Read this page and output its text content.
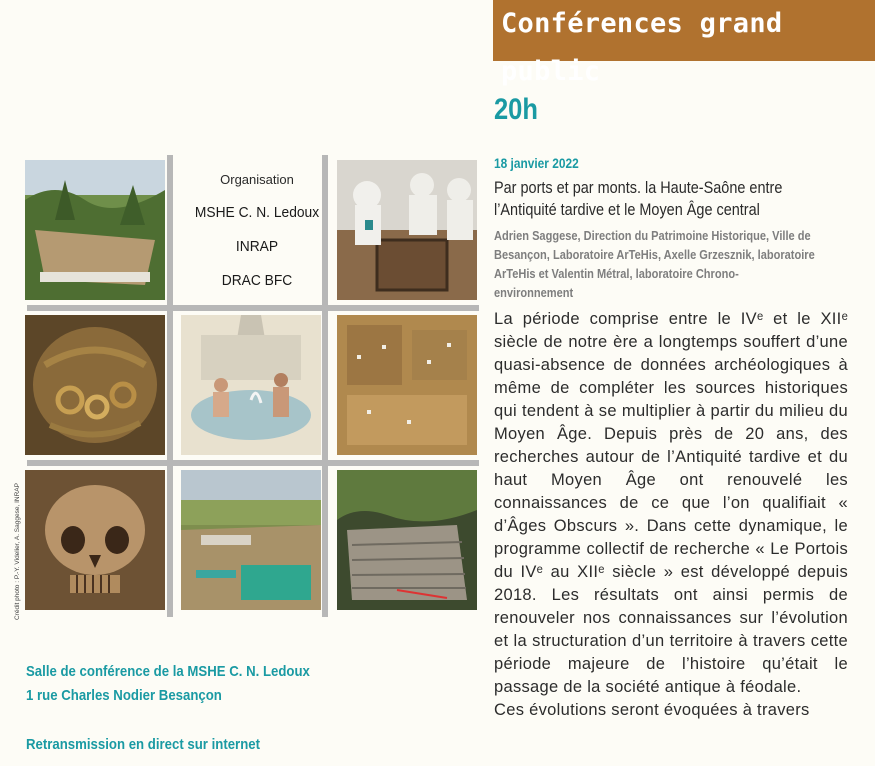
Conférences grand public
20h
18 janvier 2022
Par ports et par monts. la Haute-Saône entre
l’Antiquité tardive et le Moyen Âge central
Adrien Saggese, Direction du Patrimoine Historique, Ville de
Besançon, Laboratoire ArTeHis, Axelle Grzesznik, laboratoire
ArTeHis et Valentin Métral, laboratoire Chrono-environnement

La période comprise entre le IVᵉ et le XIIᵉ siècle de notre ère a longtemps souffert d’une quasi-absence de données archéologiques à même de compléter les sources historiques qui tendent à se multiplier à partir du milieu du Moyen Âge. Depuis près de 20 ans, des recherches autour de l’Antiquité tardive et du haut Moyen Âge ont renouvelé les connaissances de ce que l’on qualifiait « d’Âges Obscurs ». Dans cette dynamique, le programme collectif de recherche « Le Portois du IVᵉ au XIIᵉ siècle » est développé depuis 2018. Les résultats ont ainsi permis de renouveler nos connaissances sur l’évolution et la structuration d’un territoire à travers cette période majeure de l’histoire qu’était le passage de la société antique à féodale.

Ces évolutions seront évoquées à travers

Organisation
MSHE C. N. Ledoux
INRAP
DRAC BFC
Crédit photo : P.-Y. Videlier, A. Saggese, INRAP
Salle de conférence de la MSHE C. N. Ledoux
1 rue Charles Nodier Besançon
Retransmission en direct sur internet
